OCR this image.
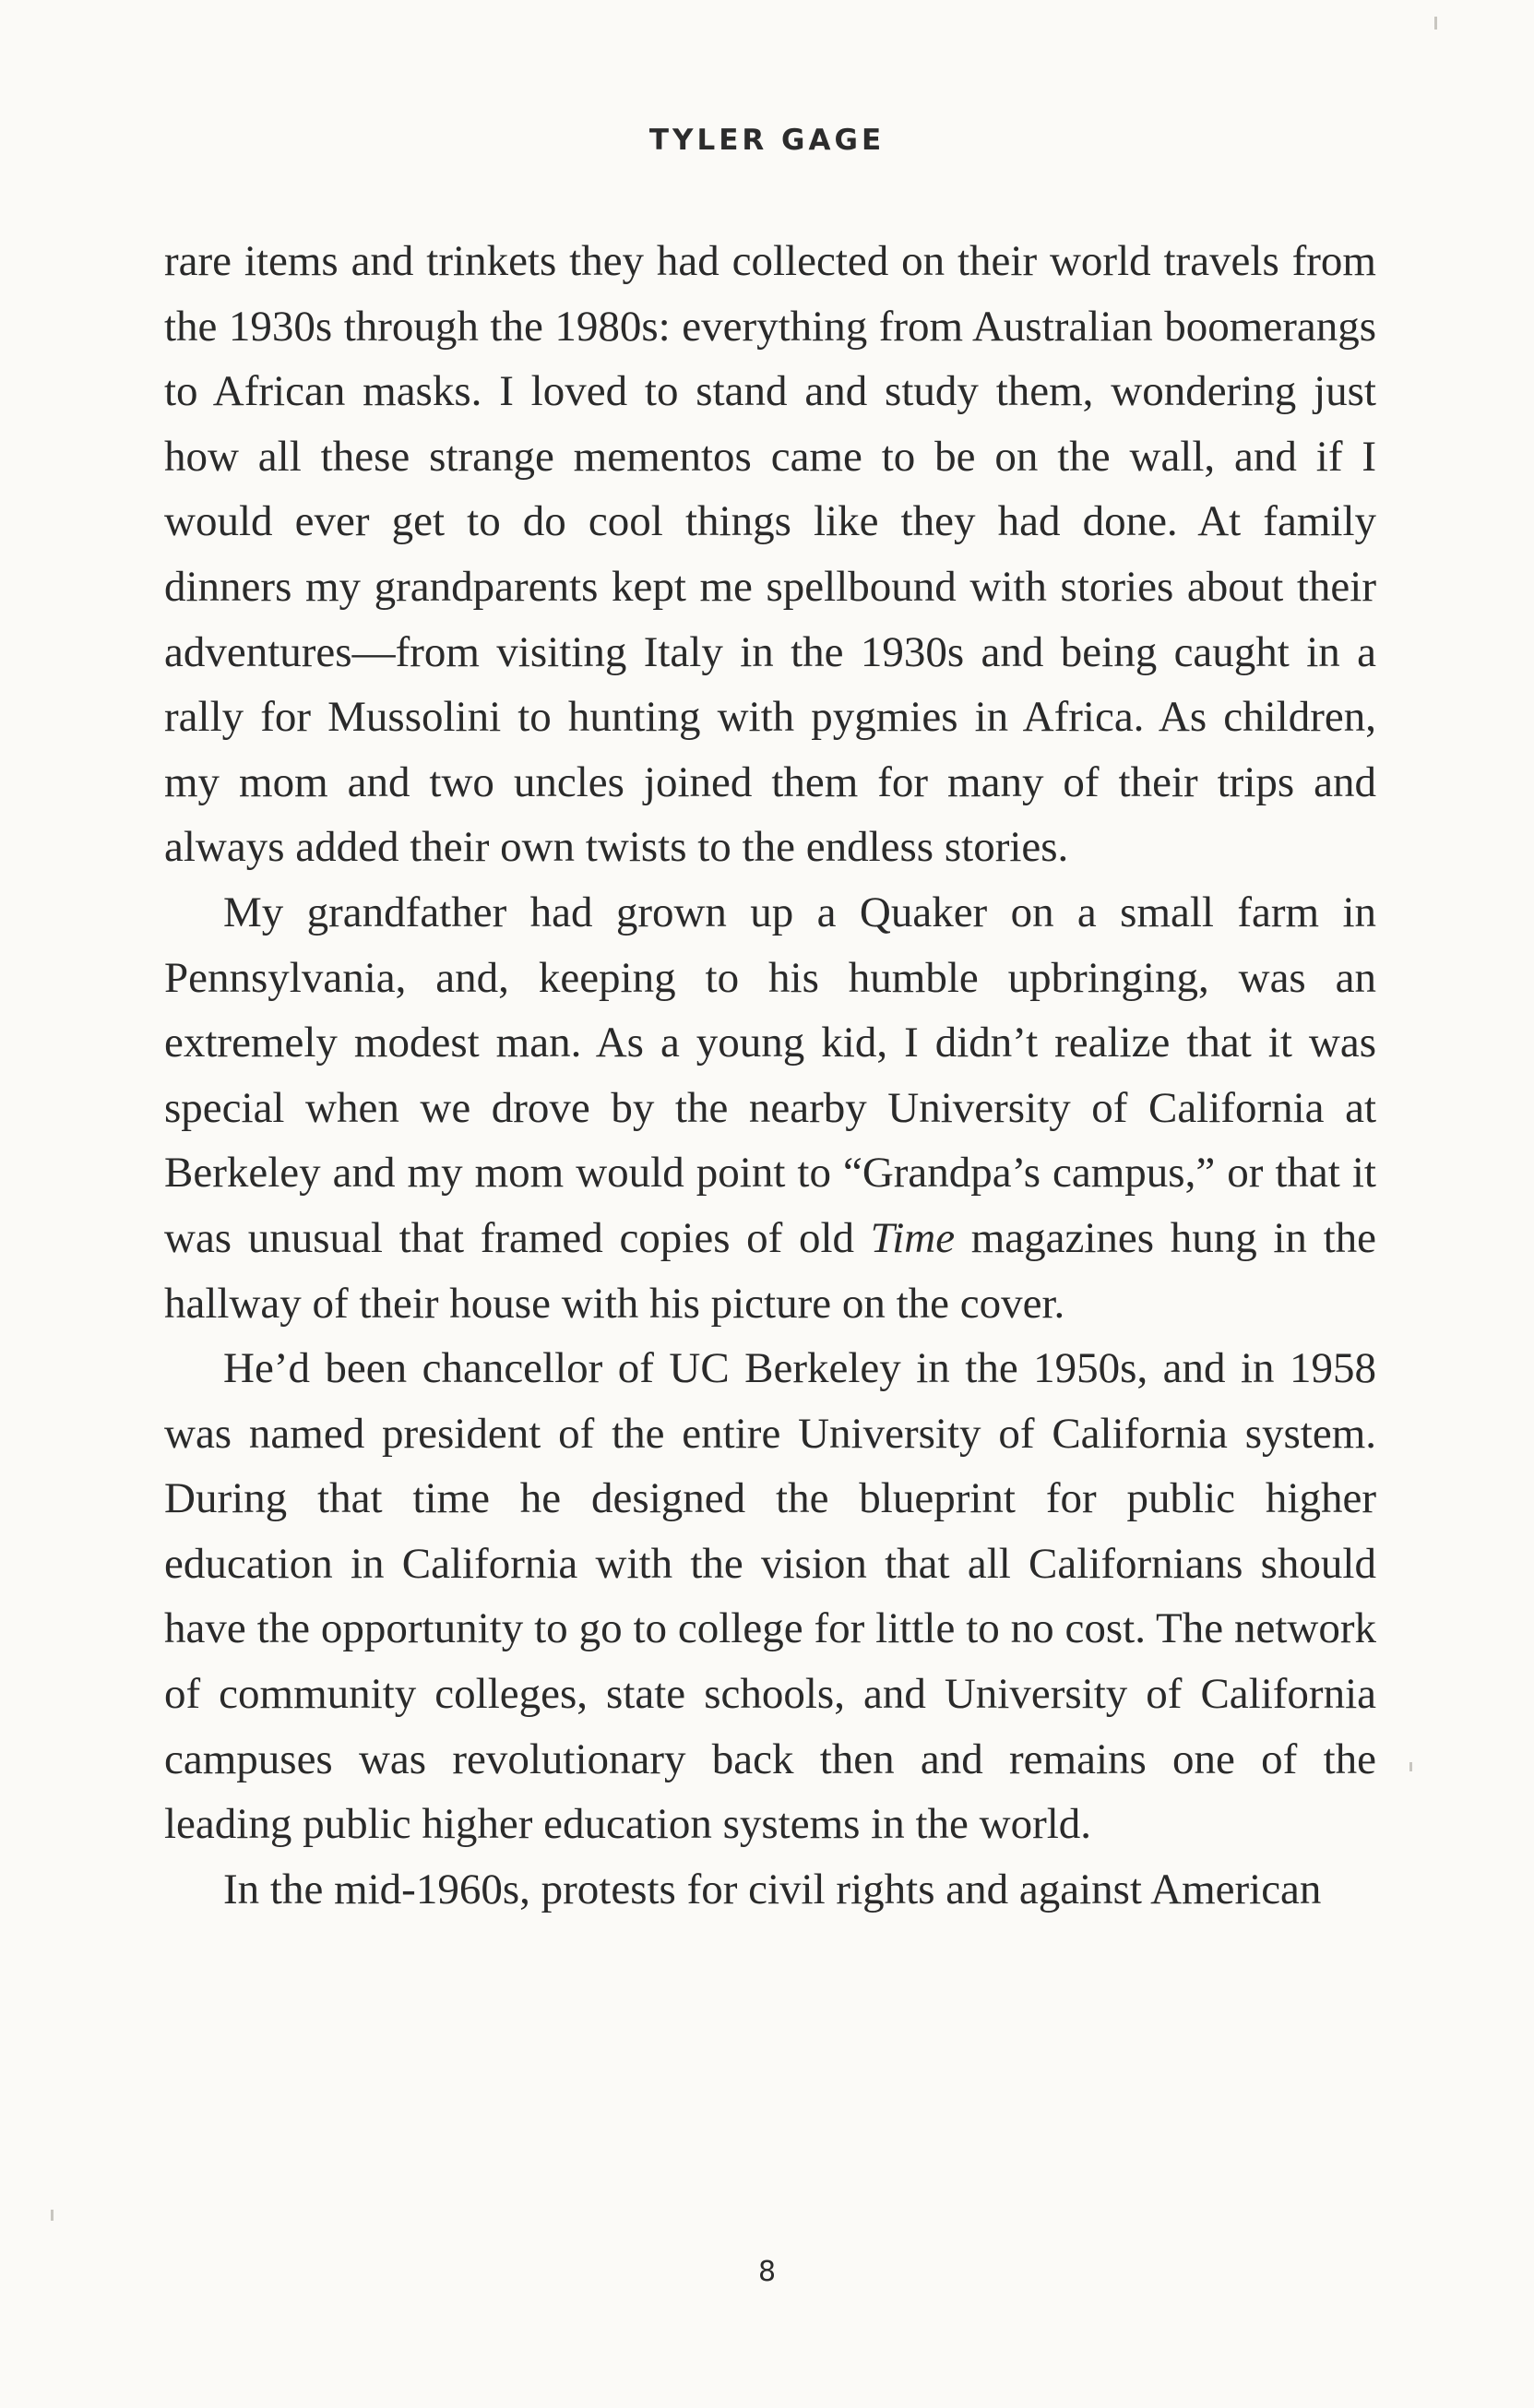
TYLER GAGE

rare items and trinkets they had collected on their world travels from the 1930s through the 1980s: everything from Australian boomerangs to African masks. I loved to stand and study them, wondering just how all these strange mementos came to be on the wall, and if I would ever get to do cool things like they had done. At family dinners my grandparents kept me spellbound with stories about their adventures—from visiting Italy in the 1930s and being caught in a rally for Mussolini to hunting with pygmies in Africa. As children, my mom and two uncles joined them for many of their trips and always added their own twists to the endless stories.

My grandfather had grown up a Quaker on a small farm in Pennsylvania, and, keeping to his humble upbringing, was an extremely modest man. As a young kid, I didn’t realize that it was special when we drove by the nearby University of California at Berkeley and my mom would point to “Grandpa’s campus,” or that it was unusual that framed copies of old Time magazines hung in the hallway of their house with his picture on the cover.

He’d been chancellor of UC Berkeley in the 1950s, and in 1958 was named president of the entire University of California system. During that time he designed the blueprint for public higher education in California with the vision that all Californians should have the opportunity to go to college for little to no cost. The network of community colleges, state schools, and University of California campuses was revolutionary back then and remains one of the leading public higher education systems in the world.

In the mid-1960s, protests for civil rights and against American

8
